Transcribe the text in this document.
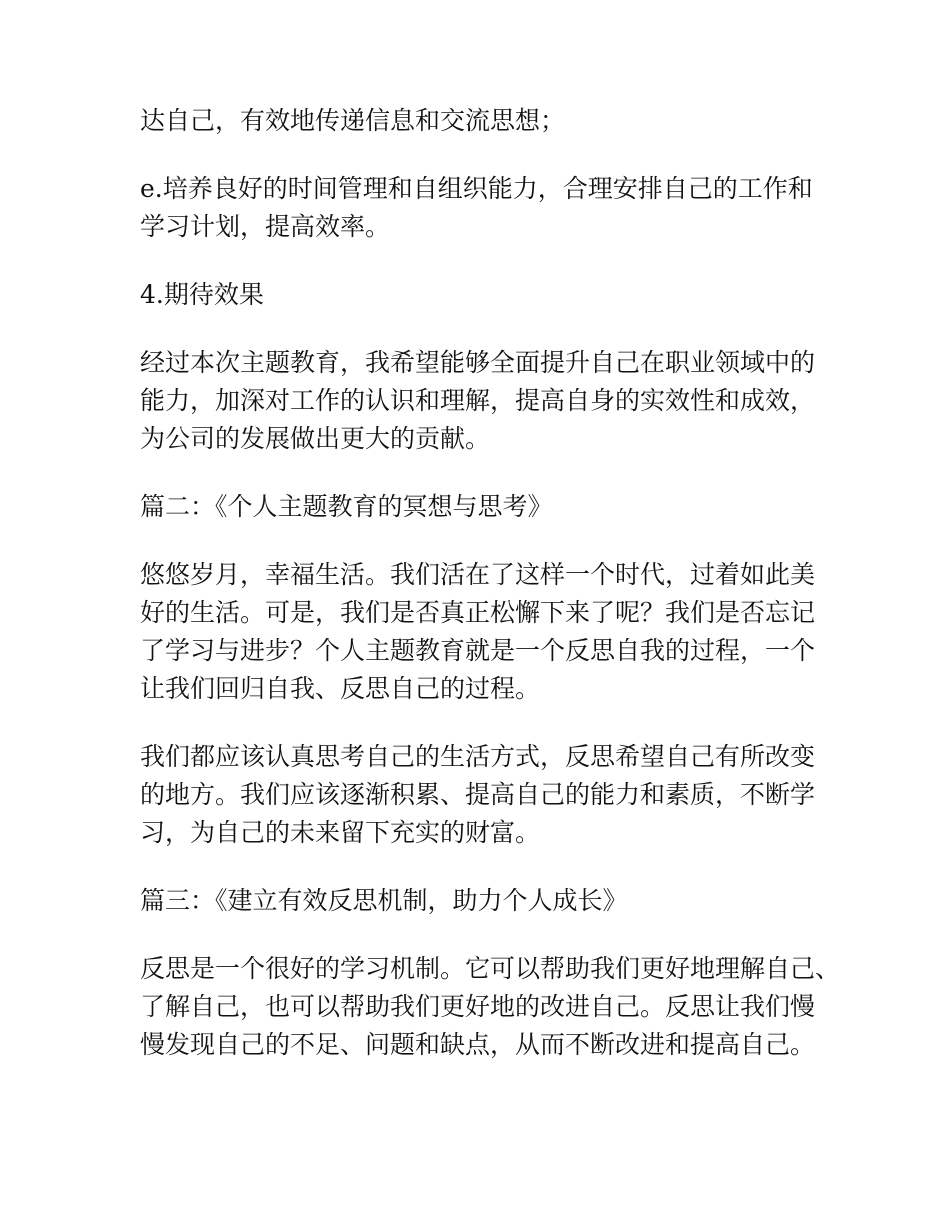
达自己，有效地传递信息和交流思想；
e.培养良好的时间管理和自组织能力，合理安排自己的工作和
学习计划，提高效率。
4.期待效果
经过本次主题教育，我希望能够全面提升自己在职业领域中的
能力，加深对工作的认识和理解，提高自身的实效性和成效，
为公司的发展做出更大的贡献。
篇二：《个人主题教育的冥想与思考》
悠悠岁月，幸福生活。我们活在了这样一个时代，过着如此美
好的生活。可是，我们是否真正松懈下来了呢？我们是否忘记
了学习与进步？个人主题教育就是一个反思自我的过程，一个
让我们回归自我、反思自己的过程。
我们都应该认真思考自己的生活方式，反思希望自己有所改变
的地方。我们应该逐渐积累、提高自己的能力和素质，不断学
习，为自己的未来留下充实的财富。
篇三：《建立有效反思机制，助力个人成长》
反思是一个很好的学习机制。它可以帮助我们更好地理解自己、
了解自己，也可以帮助我们更好地的改进自己。反思让我们慢
慢发现自己的不足、问题和缺点，从而不断改进和提高自己。
